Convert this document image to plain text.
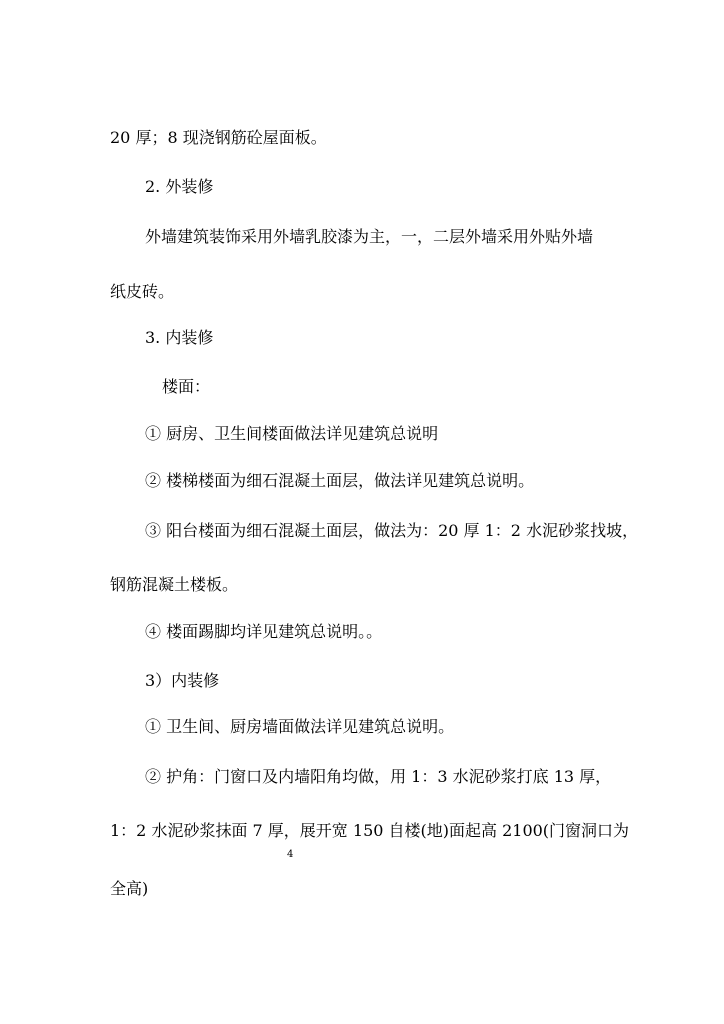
20 厚；8 现浇钢筋砼屋面板。
2. 外装修
外墙建筑装饰采用外墙乳胶漆为主，一，二层外墙采用外贴外墙
纸皮砖。
3. 内装修
楼面：
① 厨房、卫生间楼面做法详见建筑总说明
② 楼梯楼面为细石混凝土面层，做法详见建筑总说明。
③ 阳台楼面为细石混凝土面层，做法为：20 厚 1：2 水泥砂浆找坡，
钢筋混凝土楼板。
④ 楼面踢脚均详见建筑总说明。。
3）内装修
① 卫生间、厨房墙面做法详见建筑总说明。
② 护角：门窗口及内墙阳角均做，用 1：3 水泥砂浆打底 13 厚，
1：2 水泥砂浆抹面 7 厚，展开宽 150 自楼(地)面起高 2100(门窗洞口为
4
全高)
